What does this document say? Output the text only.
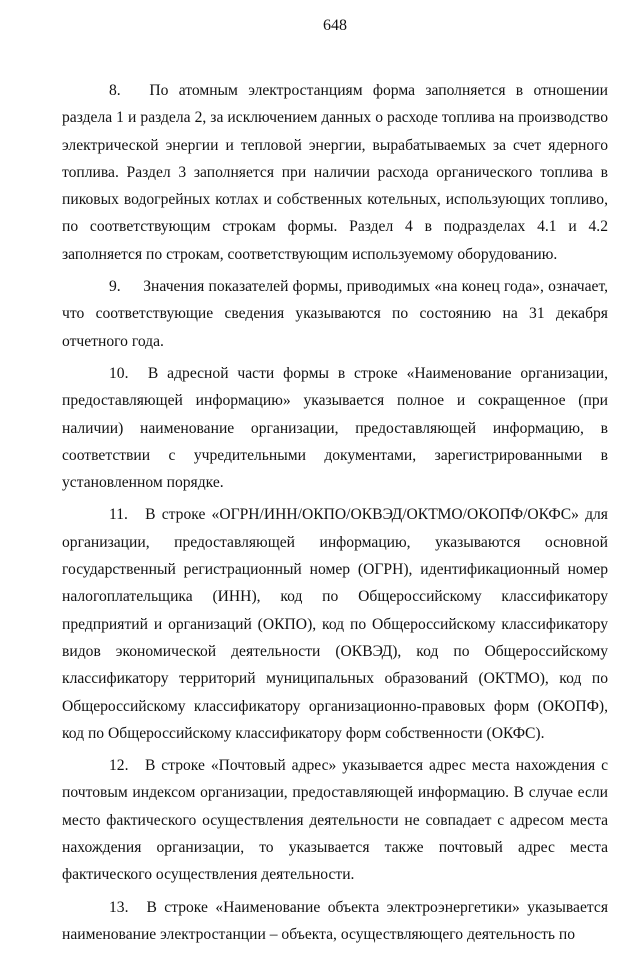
648

8. По атомным электростанциям форма заполняется в отношении раздела 1 и раздела 2, за исключением данных о расходе топлива на производство электрической энергии и тепловой энергии, вырабатываемых за счет ядерного топлива. Раздел 3 заполняется при наличии расхода органического топлива в пиковых водогрейных котлах и собственных котельных, использующих топливо, по соответствующим строкам формы. Раздел 4 в подразделах 4.1 и 4.2 заполняется по строкам, соответствующим используемому оборудованию.

9. Значения показателей формы, приводимых «на конец года», означает, что соответствующие сведения указываются по состоянию на 31 декабря отчетного года.

10. В адресной части формы в строке «Наименование организации, предоставляющей информацию» указывается полное и сокращенное (при наличии) наименование организации, предоставляющей информацию, в соответствии с учредительными документами, зарегистрированными в установленном порядке.

11. В строке «ОГРН/ИНН/ОКПО/ОКВЭД/ОКТМО/ОКОПФ/ОКФС» для организации, предоставляющей информацию, указываются основной государственный регистрационный номер (ОГРН), идентификационный номер налогоплательщика (ИНН), код по Общероссийскому классификатору предприятий и организаций (ОКПО), код по Общероссийскому классификатору видов экономической деятельности (ОКВЭД), код по Общероссийскому классификатору территорий муниципальных образований (ОКТМО), код по Общероссийскому классификатору организационно-правовых форм (ОКОПФ), код по Общероссийскому классификатору форм собственности (ОКФС).

12. В строке «Почтовый адрес» указывается адрес места нахождения с почтовым индексом организации, предоставляющей информацию. В случае если место фактического осуществления деятельности не совпадает с адресом места нахождения организации, то указывается также почтовый адрес места фактического осуществления деятельности.

13. В строке «Наименование объекта электроэнергетики» указывается наименование электростанции – объекта, осуществляющего деятельность по
